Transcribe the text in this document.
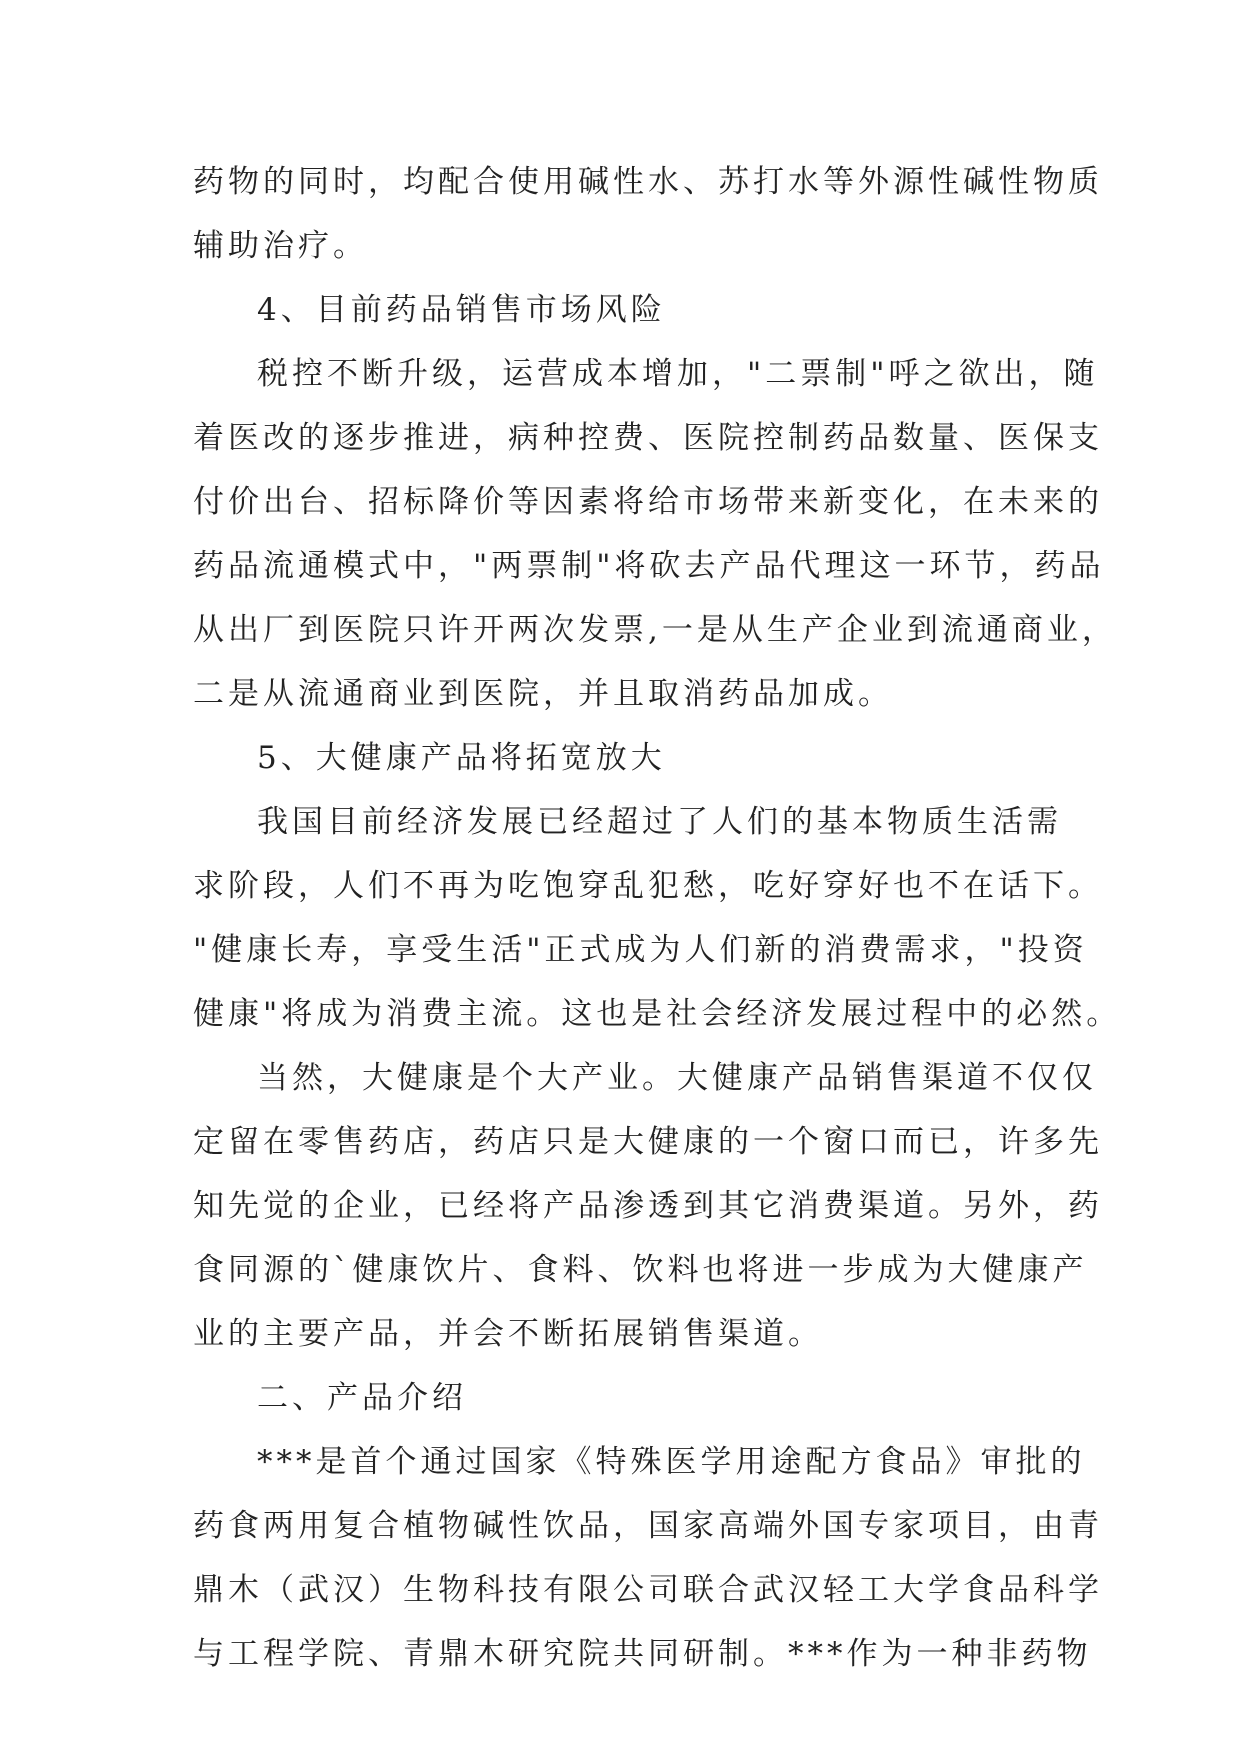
药物的同时，均配合使用碱性水、苏打水等外源性碱性物质
辅助治疗。
4、目前药品销售市场风险
税控不断升级，运营成本增加，"二票制"呼之欲出，随
着医改的逐步推进，病种控费、医院控制药品数量、医保支
付价出台、招标降价等因素将给市场带来新变化，在未来的
药品流通模式中，"两票制"将砍去产品代理这一环节，药品
从出厂到医院只许开两次发票,一是从生产企业到流通商业，
二是从流通商业到医院，并且取消药品加成。
5、大健康产品将拓宽放大
我国目前经济发展已经超过了人们的基本物质生活需
求阶段，人们不再为吃饱穿乱犯愁，吃好穿好也不在话下。
"健康长寿，享受生活"正式成为人们新的消费需求，"投资
健康"将成为消费主流。这也是社会经济发展过程中的必然。
当然，大健康是个大产业。大健康产品销售渠道不仅仅
定留在零售药店，药店只是大健康的一个窗口而已，许多先
知先觉的企业，已经将产品渗透到其它消费渠道。另外，药
食同源的`健康饮片、食料、饮料也将进一步成为大健康产
业的主要产品，并会不断拓展销售渠道。
二、产品介绍
***是首个通过国家《特殊医学用途配方食品》审批的
药食两用复合植物碱性饮品，国家高端外国专家项目，由青
鼎木（武汉）生物科技有限公司联合武汉轻工大学食品科学
与工程学院、青鼎木研究院共同研制。***作为一种非药物
